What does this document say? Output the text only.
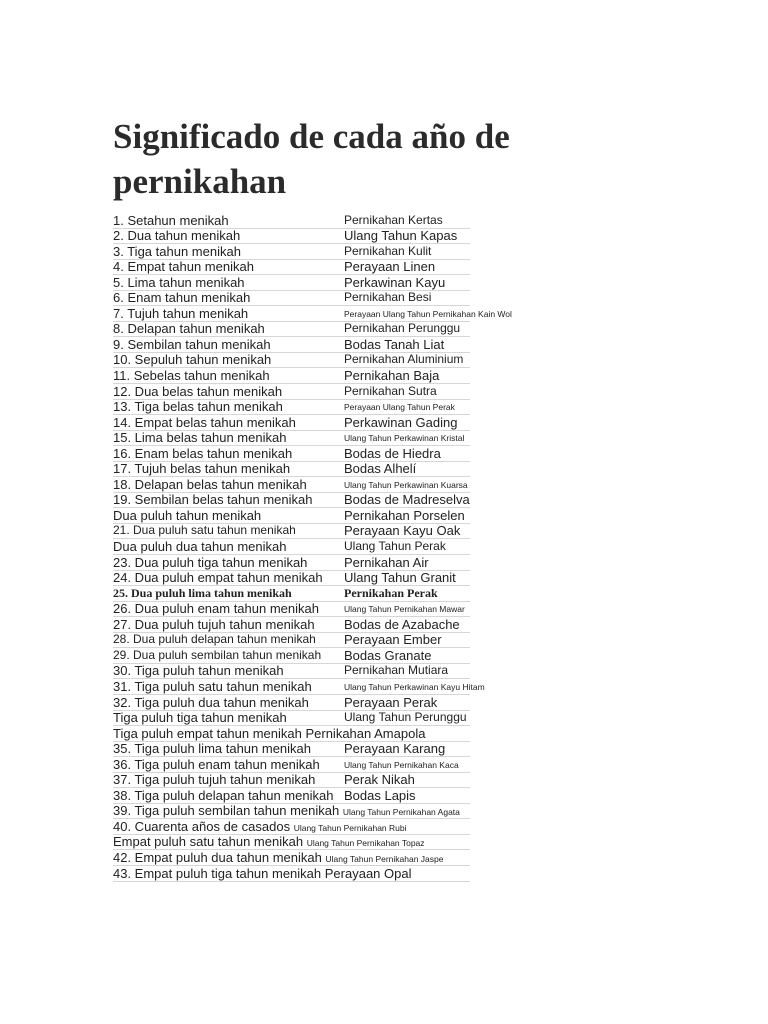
Significado de cada año de pernikahan
1. Setahun menikah	Pernikahan Kertas
2. Dua tahun menikah	Ulang Tahun Kapas
3. Tiga tahun menikah	Pernikahan Kulit
4. Empat tahun menikah	Perayaan Linen
5. Lima tahun menikah	Perkawinan Kayu
6. Enam tahun menikah	Pernikahan Besi
7. Tujuh tahun menikah	Perayaan Ulang Tahun Pernikahan Kain Wol
8. Delapan tahun menikah	Pernikahan Perunggu
9. Sembilan tahun menikah	Bodas Tanah Liat
10. Sepuluh tahun menikah	Pernikahan Aluminium
11. Sebelas tahun menikah	Pernikahan Baja
12. Dua belas tahun menikah	Pernikahan Sutra
13. Tiga belas tahun menikah	Perayaan Ulang Tahun Perak
14. Empat belas tahun menikah	Perkawinan Gading
15. Lima belas tahun menikah	Ulang Tahun Perkawinan Kristal
16. Enam belas tahun menikah	Bodas de Hiedra
17. Tujuh belas tahun menikah	Bodas Alhelí
18. Delapan belas tahun menikah	Ulang Tahun Perkawinan Kuarsa
19. Sembilan belas tahun menikah Bodas de Madreselva
Dua puluh tahun menikah	Pernikahan Porselen
21. Dua puluh satu tahun menikah	Perayaan Kayu Oak
Dua puluh dua tahun menikah	Ulang Tahun Perak
23. Dua puluh tiga tahun menikah	Pernikahan Air
24. Dua puluh empat tahun menikah Ulang Tahun Granit
25. Dua puluh lima tahun menikah	Pernikahan Perak
26. Dua puluh enam tahun menikah	Ulang Tahun Pernikahan Mawar
27. Dua puluh tujuh tahun menikah Bodas de Azabache
28. Dua puluh delapan tahun menikah Perayaan Ember
29. Dua puluh sembilan tahun menikah Bodas Granate
30. Tiga puluh tahun menikah	Pernikahan Mutiara
31. Tiga puluh satu tahun menikah	Ulang Tahun Perkawinan Kayu Hitam
32. Tiga puluh dua tahun menikah	Perayaan Perak
Tiga puluh tiga tahun menikah	Ulang Tahun Perunggu
Tiga puluh empat tahun menikah Pernikahan Amapola
35. Tiga puluh lima tahun menikah	Perayaan Karang
36. Tiga puluh enam tahun menikah	Ulang Tahun Pernikahan Kaca
37. Tiga puluh tujuh tahun menikah Perak Nikah
38. Tiga puluh delapan tahun menikah Bodas Lapis
39. Tiga puluh sembilan tahun menikah Ulang Tahun Pernikahan Agata
40. Cuarenta años de casados Ulang Tahun Pernikahan Rubi
Empat puluh satu tahun menikah Ulang Tahun Pernikahan Topaz
42. Empat puluh dua tahun menikah Ulang Tahun Pernikahan Jaspe
43. Empat puluh tiga tahun menikah Perayaan Opal
